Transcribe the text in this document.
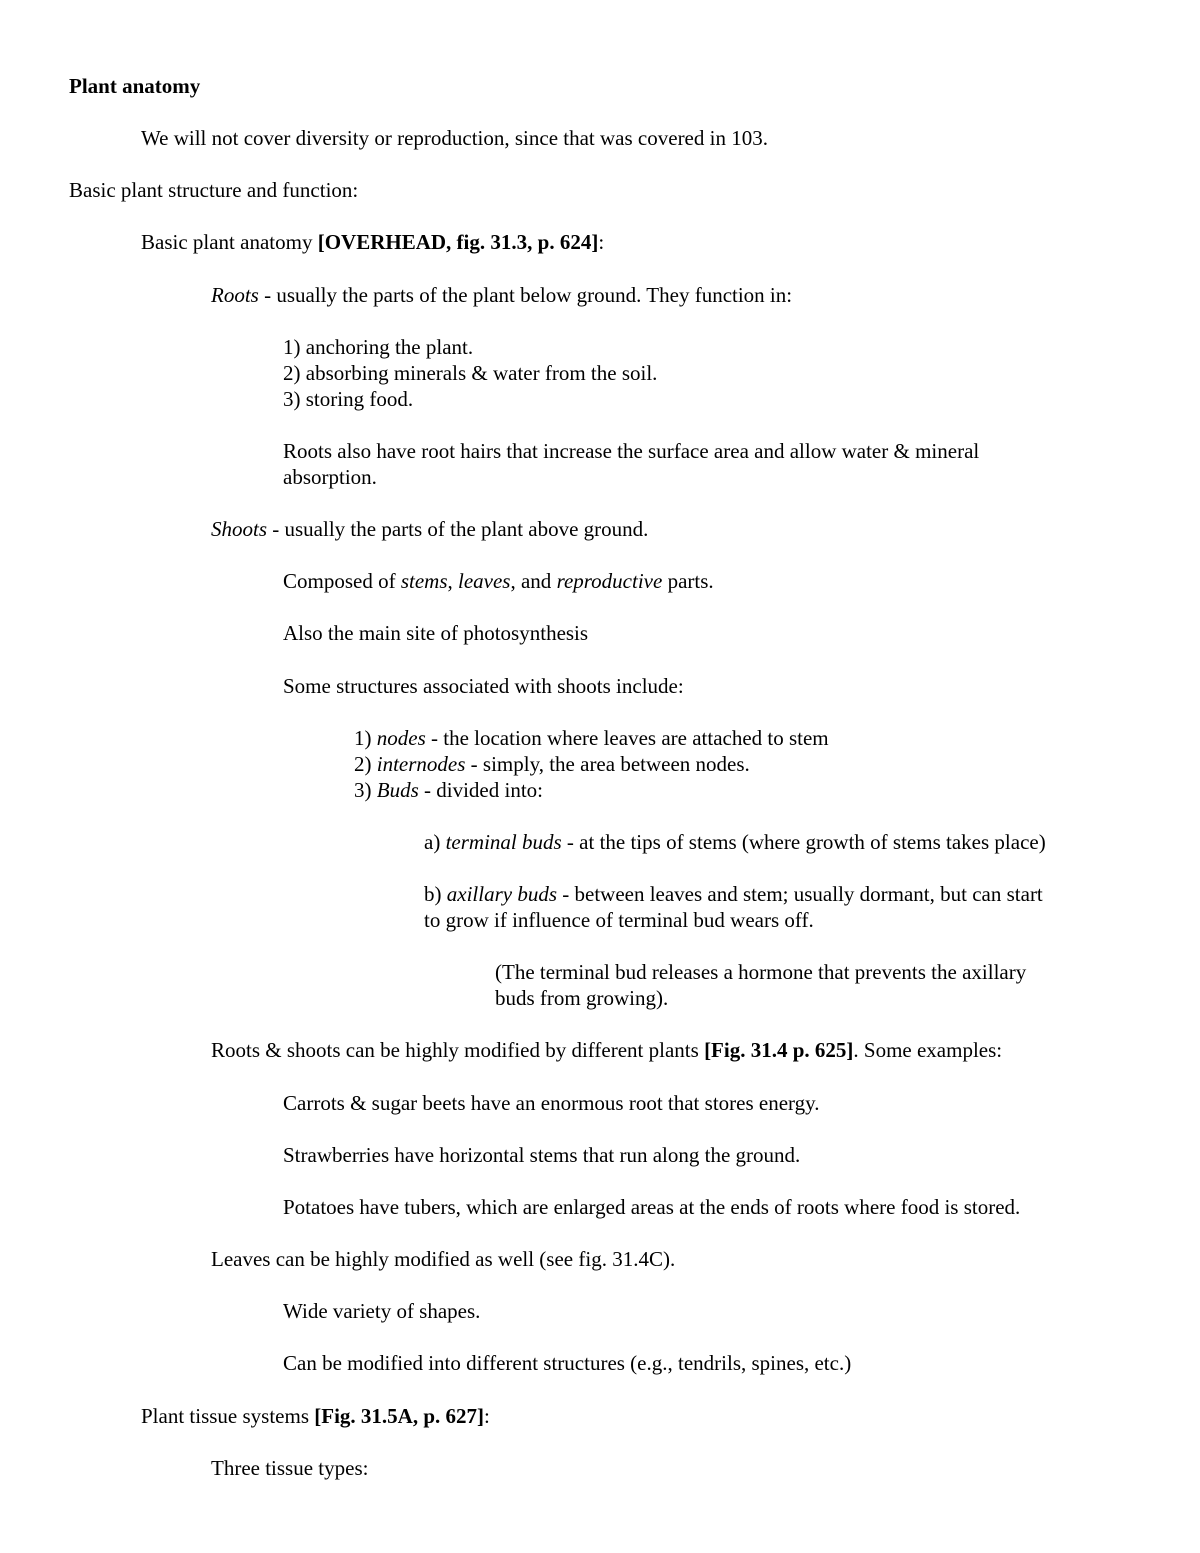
Plant anatomy
We will not cover diversity or reproduction, since that was covered in 103.
Basic plant structure and function:
Basic plant anatomy [OVERHEAD, fig. 31.3, p. 624]:
Roots - usually the parts of the plant below ground. They function in:
1) anchoring the plant.
2) absorbing minerals & water from the soil.
3) storing food.
Roots also have root hairs that increase the surface area and allow water & mineral
absorption.
Shoots - usually the parts of the plant above ground.
Composed of stems, leaves, and reproductive parts.
Also the main site of photosynthesis
Some structures associated with shoots include:
1) nodes - the location where leaves are attached to stem
2) internodes - simply, the area between nodes.
3) Buds - divided into:
a) terminal buds - at the tips of stems (where growth of stems takes place)
b) axillary buds - between leaves and stem; usually dormant, but can start
to grow if influence of terminal bud wears off.
(The terminal bud releases a hormone that prevents the axillary
buds from growing).
Roots & shoots can be highly modified by different plants [Fig. 31.4 p. 625]. Some examples:
Carrots & sugar beets have an enormous root that stores energy.
Strawberries have horizontal stems that run along the ground.
Potatoes have tubers, which are enlarged areas at the ends of roots where food is stored.
Leaves can be highly modified as well (see fig. 31.4C).
Wide variety of shapes.
Can be modified into different structures (e.g., tendrils, spines, etc.)
Plant tissue systems [Fig. 31.5A, p. 627]:
Three tissue types:
